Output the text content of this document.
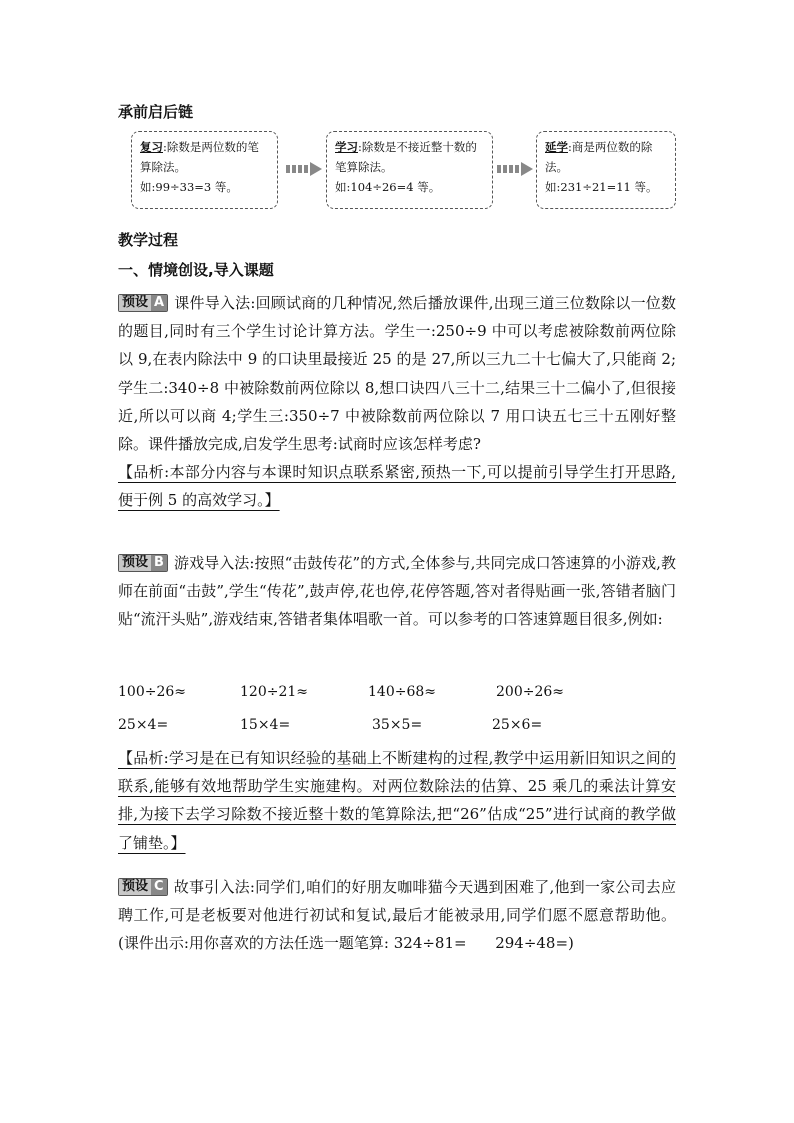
承前启后链
复习:除数是两位数的笔算除法。
如:99÷33=3 等。
学习:除数是不接近整十数的笔算除法。
如:104÷26=4 等。
延学:商是两位数的除法。
如:231÷21=11 等。
教学过程
一、情境创设,导入课题

预设 A 课件导入法:回顾试商的几种情况,然后播放课件,出现三道三位数除以一位数的题目,同时有三个学生讨论计算方法。学生一:250÷9 中可以考虑被除数前两位除以 9,在表内除法中 9 的口诀里最接近 25 的是 27,所以三九二十七偏大了,只能商 2;学生二:340÷8 中被除数前两位除以 8,想口诀四八三十二,结果三十二偏小了,但很接近,所以可以商 4;学生三:350÷7 中被除数前两位除以 7 用口诀五七三十五刚好整除。课件播放完成,启发学生思考:试商时应该怎样考虑?

【品析:本部分内容与本课时知识点联系紧密,预热一下,可以提前引导学生打开思路,便于例 5 的高效学习。】

预设 B 游戏导入法:按照“击鼓传花”的方式,全体参与,共同完成口答速算的小游戏,教师在前面“击鼓”,学生“传花”,鼓声停,花也停,花停答题,答对者得贴画一张,答错者脑门贴“流汗头贴”,游戏结束,答错者集体唱歌一首。可以参考的口答速算题目很多,例如:

100÷26≈	120÷21≈	140÷68≈	200÷26≈
25×4=	15×4=	35×5=	25×6=

【品析:学习是在已有知识经验的基础上不断建构的过程,教学中运用新旧知识之间的联系,能够有效地帮助学生实施建构。对两位数除法的估算、25 乘几的乘法计算安排,为接下去学习除数不接近整十数的笔算除法,把“26”估成“25”进行试商的教学做了铺垫。】

预设 C 故事引入法:同学们,咱们的好朋友咖啡猫今天遇到困难了,他到一家公司去应聘工作,可是老板要对他进行初试和复试,最后才能被录用,同学们愿不愿意帮助他。(课件出示:用你喜欢的方法任选一题笔算: 324÷81=      294÷48=)
